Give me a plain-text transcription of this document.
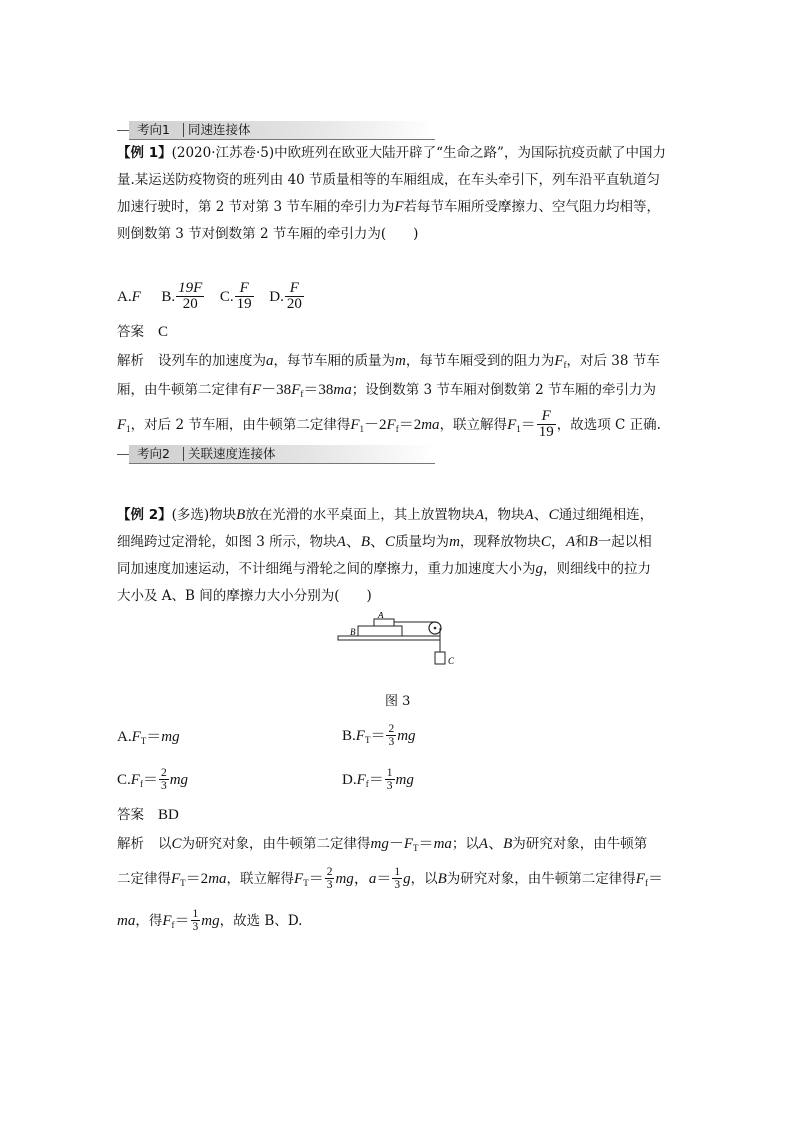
考向1	同速连接体
【例 1】(2020·江苏卷·5)中欧班列在欧亚大陆开辟了“生命之路”，为国际抗疫贡献了中国力
量.某运送防疫物资的班列由 40 节质量相等的车厢组成，在车头牵引下，列车沿平直轨道匀
加速行驶时，第 2 节对第 3 节车厢的牵引力为F若每节车厢所受摩擦力、空气阻力均相等，
则倒数第 3 节对倒数第 2 节车厢的牵引力为(　　)
A.F B. $\frac{19F}{20} C$. $\frac{F}{19} D$. $\frac{F}{20}$
答案 C
解析 设列车的加速度为a，每节车厢的质量为m，每节车厢受到的阻力为$F_f$，对后 38 节车
厢，由牛顿第二定律有$F-38F_f=38ma$；设倒数第 3 节车厢对倒数第 2 节车厢的牵引力为
$F_1$，对后 2 节车厢，由牛顿第二定律得$F_1-2F_f=2ma$，联立解得$F_1= \frac{F}{19}$ ，故选项 C 正确.
考向2	关联速度连接体
【例 2】(多选)物块B放在光滑的水平桌面上，其上放置物块A，物块A、C通过细绳相连，
细绳跨过定滑轮，如图 3 所示，物块A、B、C质量均为m，现释放物块C，A和B一起以相
同加速度加速运动，不计细绳与滑轮之间的摩擦力，重力加速度大小为g，则细线中的拉力
大小及 A、B 间的摩擦力大小分别为(　　)
A
B
C
图 3
$A.F_T=mg$	$B.F_T= \frac{2}{3}$ mg
$C.F_f= \frac{2}{3}$ mg	$D.F_f= \frac{1}{3}$ mg
答案 BD
解析 以C为研究对象，由牛顿第二定律得$mg-F_T=ma$；以A、B为研究对象，由牛顿第
二定律得$F_T=2ma$，联立解得$F_T= \frac{2}{3}$ mg，$a= \frac{1}{3}$ g，以B为研究对象，由牛顿第二定律得$F_f=$
ma，得$F_f= \frac{1}{3}$ mg，故选 B、D.
